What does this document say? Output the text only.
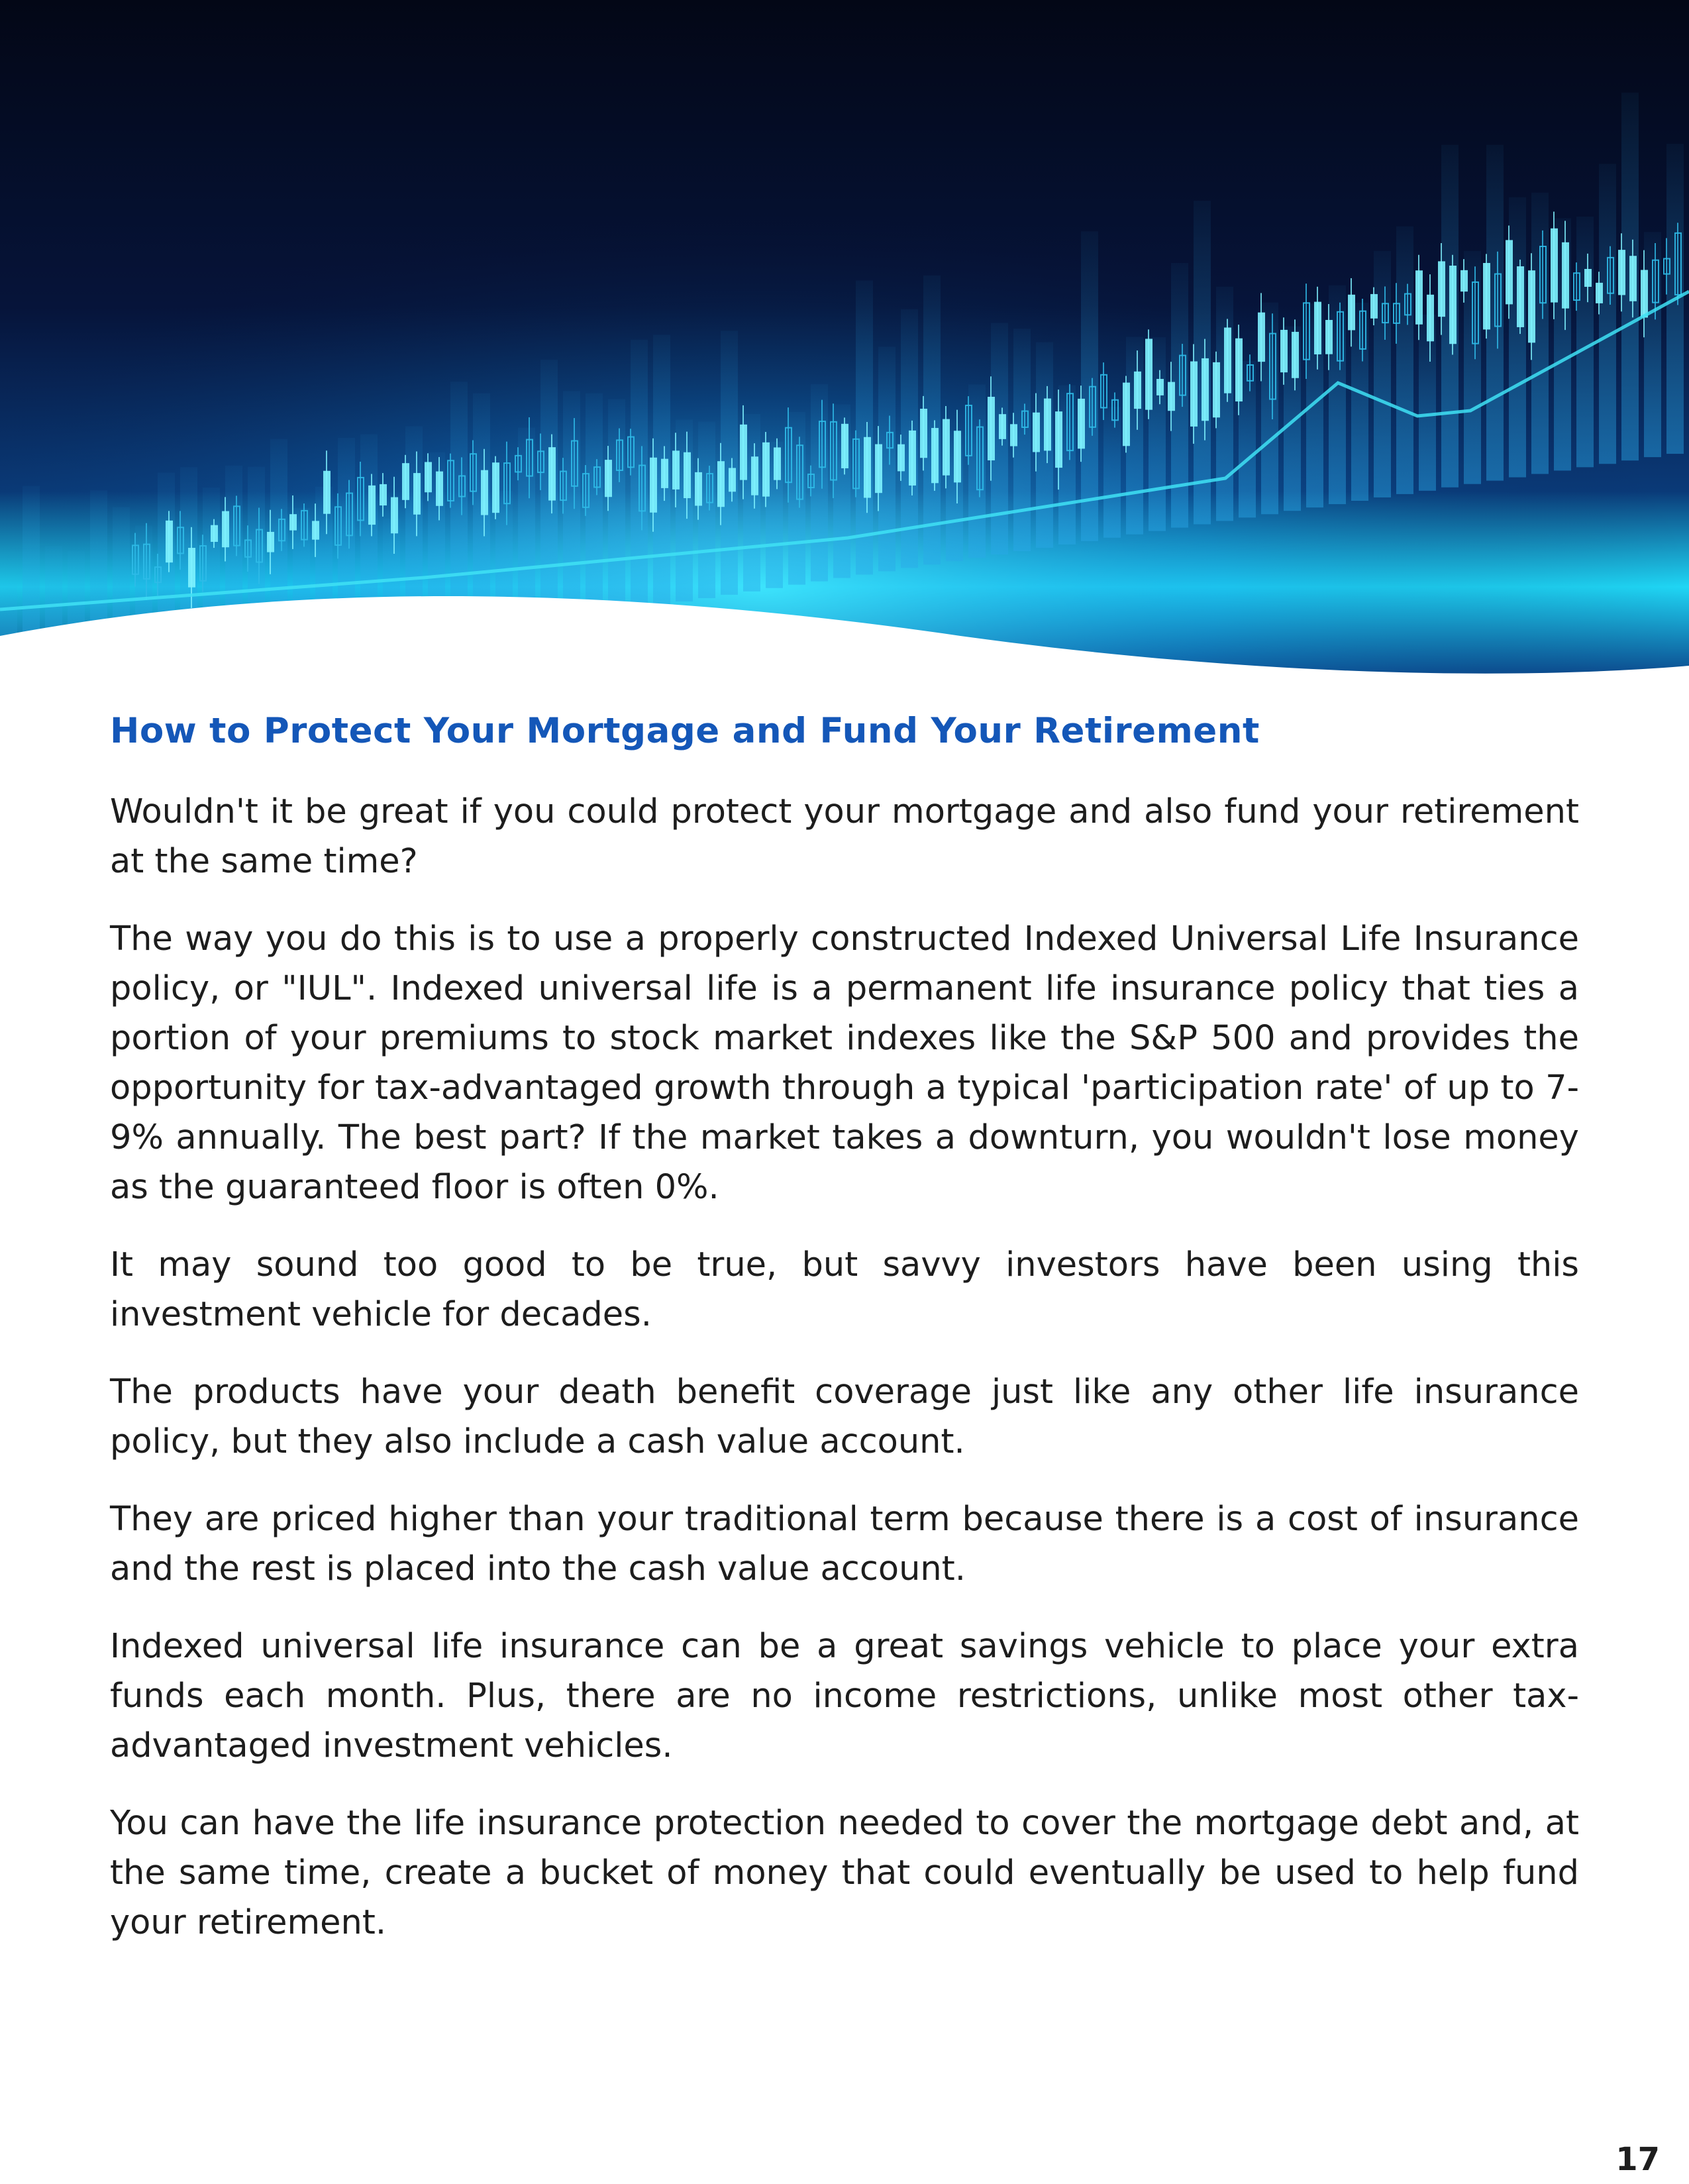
How to Protect Your Mortgage and Fund Your Retirement

Wouldn't it be great if you could protect your mortgage and also fund your retirement at the same time?

The way you do this is to use a properly constructed Indexed Universal Life Insurance policy, or "IUL". Indexed universal life is a permanent life insurance policy that ties a portion of your premiums to stock market indexes like the S&P 500 and provides the opportunity for tax-advantaged growth through a typical 'participation rate' of up to 7-9% annually. The best part? If the market takes a downturn, you wouldn't lose money as the guaranteed floor is often 0%.

It may sound too good to be true, but savvy investors have been using this investment vehicle for decades.

The products have your death benefit coverage just like any other life insurance policy, but they also include a cash value account.

They are priced higher than your traditional term because there is a cost of insurance and the rest is placed into the cash value account.

Indexed universal life insurance can be a great savings vehicle to place your extra funds each month. Plus, there are no income restrictions, unlike most other tax-advantaged investment vehicles.

You can have the life insurance protection needed to cover the mortgage debt and, at the same time, create a bucket of money that could eventually be used to help fund your retirement.

17
